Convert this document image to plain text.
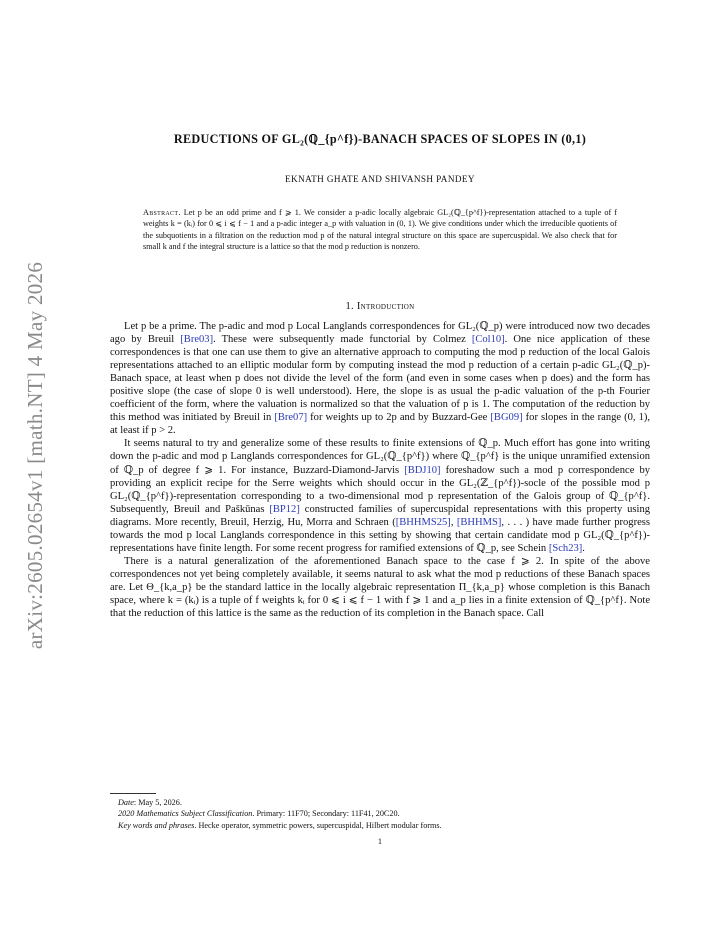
arXiv:2605.02654v1 [math.NT] 4 May 2026
REDUCTIONS OF GL₂(ℚ_{p^f})-BANACH SPACES OF SLOPES IN (0,1)
EKNATH GHATE AND SHIVANSH PANDEY
Abstract. Let p be an odd prime and f ⩾ 1. We consider a p-adic locally algebraic GL₂(ℚ_{p^f})-representation attached to a tuple of f weights k = (kᵢ) for 0 ⩽ i ⩽ f − 1 and a p-adic integer a_p with valuation in (0, 1). We give conditions under which the irreducible quotients of the subquotients in a filtration on the reduction mod p of the natural integral structure on this space are supercuspidal. We also check that for small k and f the integral structure is a lattice so that the mod p reduction is nonzero.
1. Introduction

Let p be a prime. The p-adic and mod p Local Langlands correspondences for GL₂(ℚ_p) were introduced now two decades ago by Breuil [Bre03]. These were subsequently made functorial by Colmez [Col10]. One nice application of these correspondences is that one can use them to give an alternative approach to computing the mod p reduction of the local Galois representations attached to an elliptic modular form by computing instead the mod p reduction of a certain p-adic GL₂(ℚ_p)-Banach space, at least when p does not divide the level of the form (and even in some cases when p does) and the form has positive slope (the case of slope 0 is well understood). Here, the slope is as usual the p-adic valuation of the p-th Fourier coefficient of the form, where the valuation is normalized so that the valuation of p is 1. The computation of the reduction by this method was initiated by Breuil in [Bre07] for weights up to 2p and by Buzzard-Gee [BG09] for slopes in the range (0, 1), at least if p > 2.

It seems natural to try and generalize some of these results to finite extensions of ℚ_p. Much effort has gone into writing down the p-adic and mod p Langlands correspondences for GL₂(ℚ_{p^f}) where ℚ_{p^f} is the unique unramified extension of ℚ_p of degree f ⩾ 1. For instance, Buzzard-Diamond-Jarvis [BDJ10] foreshadow such a mod p correspondence by providing an explicit recipe for the Serre weights which should occur in the GL₂(ℤ_{p^f})-socle of the possible mod p GL₂(ℚ_{p^f})-representation corresponding to a two-dimensional mod p representation of the Galois group of ℚ_{p^f}. Subsequently, Breuil and Paškūnas [BP12] constructed families of supercuspidal representations with this property using diagrams. More recently, Breuil, Herzig, Hu, Morra and Schraen ([BHHMS25], [BHHMS], . . . ) have made further progress towards the mod p local Langlands correspondence in this setting by showing that certain candidate mod p GL₂(ℚ_{p^f})-representations have finite length. For some recent progress for ramified extensions of ℚ_p, see Schein [Sch23].

There is a natural generalization of the aforementioned Banach space to the case f ⩾ 2. In spite of the above correspondences not yet being completely available, it seems natural to ask what the mod p reductions of these Banach spaces are. Let Θ_{k,a_p} be the standard lattice in the locally algebraic representation Π_{k,a_p} whose completion is this Banach space, where k = (kᵢ) is a tuple of f weights kᵢ for 0 ⩽ i ⩽ f − 1 with f ⩾ 1 and a_p lies in a finite extension of ℚ_{p^f}. Note that the reduction of this lattice is the same as the reduction of its completion in the Banach space. Call

Date: May 5, 2026.

2020 Mathematics Subject Classification. Primary: 11F70; Secondary: 11F41, 20C20.

Key words and phrases. Hecke operator, symmetric powers, supercuspidal, Hilbert modular forms.

1
